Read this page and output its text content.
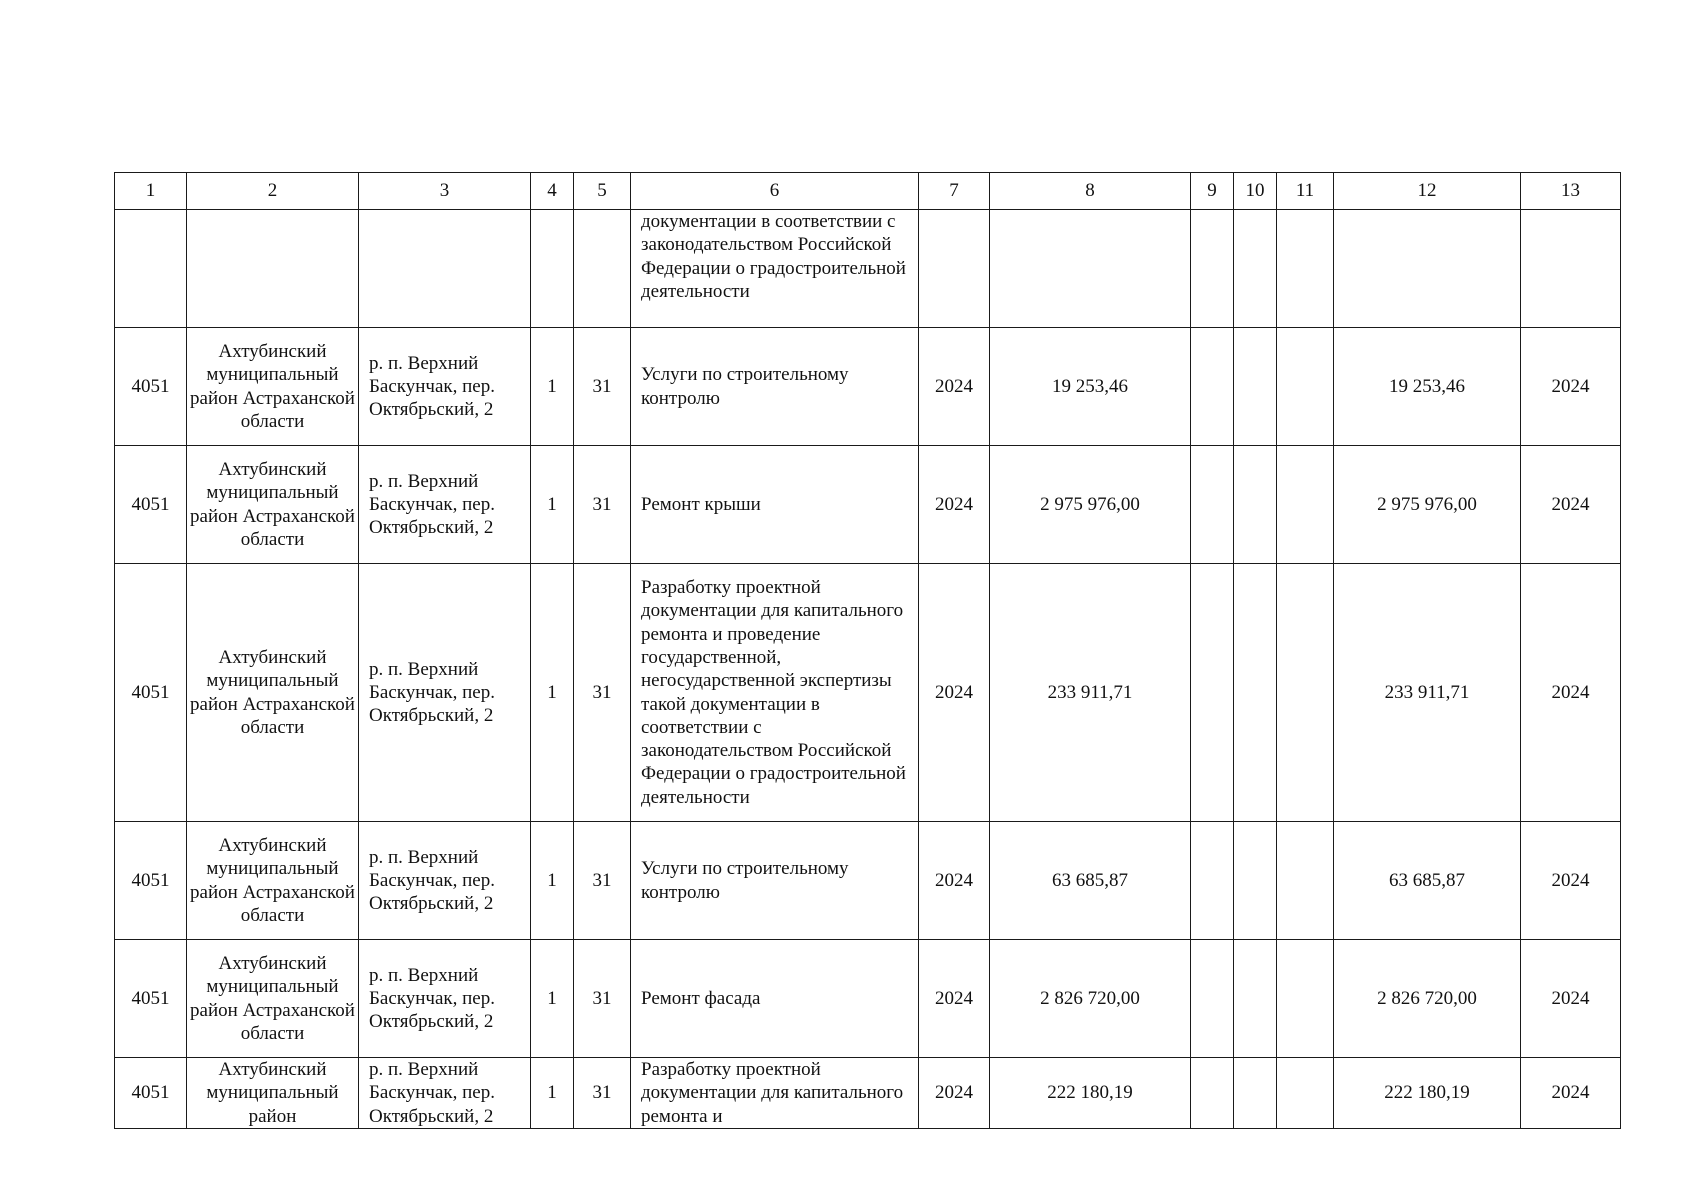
1	2	3	4	5	6	7	8	9	10	11	12	13

					документации в соответствии с законодательством Российской Федерации о градостроительной деятельности							

4051	Ахтубинский муниципальный район Астраханской области	р. п. Верхний Баскунчак, пер. Октябрьский, 2	1	31	Услуги по строительному контролю	2024	19 253,46				19 253,46	2024
4051	Ахтубинский муниципальный район Астраханской области	р. п. Верхний Баскунчак, пер. Октябрьский, 2	1	31	Ремонт крыши	2024	2 975 976,00				2 975 976,00	2024
4051	Ахтубинский муниципальный район Астраханской области	р. п. Верхний Баскунчак, пер. Октябрьский, 2	1	31	Разработку проектной документации для капитального ремонта и проведение государственной, негосударственной экспертизы такой документации в соответствии с законодательством Российской Федерации о градостроительной деятельности	2024	233 911,71				233 911,71	2024
4051	Ахтубинский муниципальный район Астраханской области	р. п. Верхний Баскунчак, пер. Октябрьский, 2	1	31	Услуги по строительному контролю	2024	63 685,87				63 685,87	2024
4051	Ахтубинский муниципальный район Астраханской области	р. п. Верхний Баскунчак, пер. Октябрьский, 2	1	31	Ремонт фасада	2024	2 826 720,00				2 826 720,00	2024
4051	Ахтубинский муниципальный район	р. п. Верхний Баскунчак, пер. Октябрьский, 2	1	31	Разработку проектной документации для капитального ремонта и	2024	222 180,19				222 180,19	2024
